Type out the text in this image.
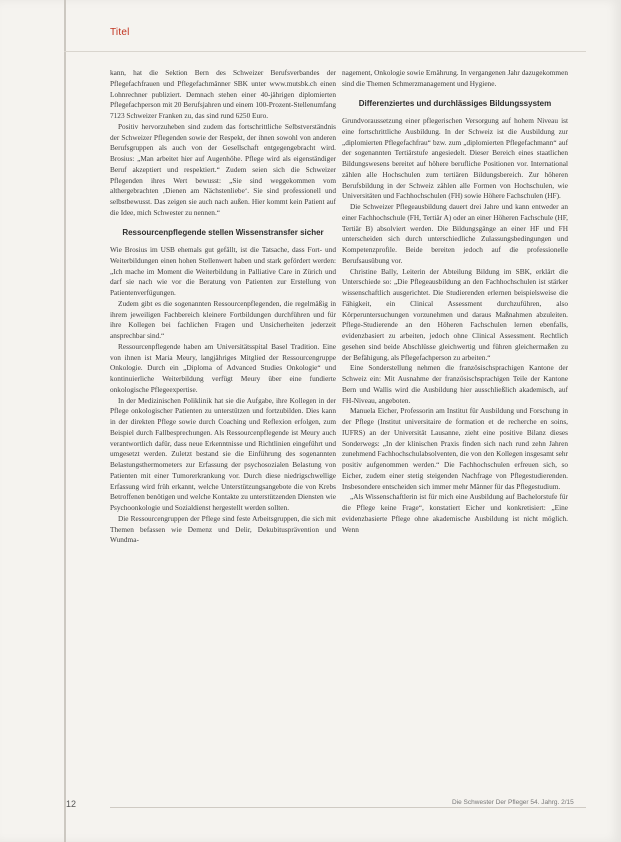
Titel

kann, hat die Sektion Bern des Schweizer Berufsverbandes der Pflegefachfrauen und Pflegefachmänner SBK unter www.mutsbk.ch einen Lohnrechner publiziert. Demnach stehen einer 40-jährigen diplomierten Pflegefachperson mit 20 Berufsjahren und einem 100-Prozent-Stellenumfang 7123 Schweizer Franken zu, das sind rund 6250 Euro.

Positiv hervorzuheben sind zudem das fortschrittliche Selbstverständnis der Schweizer Pflegenden sowie der Respekt, der ihnen sowohl von anderen Berufsgruppen als auch von der Gesellschaft entgegengebracht wird. Brosius: „Man arbeitet hier auf Augenhöhe. Pflege wird als eigenständiger Beruf akzeptiert und respektiert.“ Zudem seien sich die Schweizer Pflegenden ihres Wert bewusst: „Sie sind weggekommen vom althergebrachten ‚Dienen am Nächstenliebe‘. Sie sind professionell und selbstbewusst. Das zeigen sie auch nach außen. Hier kommt kein Patient auf die Idee, mich Schwester zu nennen.“

Ressourcenpflegende stellen Wissenstransfer sicher

Wie Brosius im USB ehemals gut gefällt, ist die Tatsache, dass Fort- und Weiterbildungen einen hohen Stellenwert haben und stark gefördert werden: „Ich mache im Moment die Weiterbildung in Palliative Care in Zürich und darf sie nach wie vor die Beratung von Patienten zur Erstellung von Patientenverfügungen.

Zudem gibt es die sogenannten Ressourcenpflegenden, die regelmäßig in ihrem jeweiligen Fachbereich kleinere Fortbildungen durchführen und für ihre Kollegen bei fachlichen Fragen und Unsicherheiten jederzeit ansprechbar sind.“

Ressourcenpflegende haben am Universitätsspital Basel Tradition. Eine von ihnen ist Maria Meury, langjähriges Mitglied der Ressourcengruppe Onkologie. Durch ein „Diploma of Advanced Studies Onkologie“ und kontinuierliche Weiterbildung verfügt Meury über eine fundierte onkologische Pflegeexpertise.

In der Medizinischen Poliklinik hat sie die Aufgabe, ihre Kollegen in der Pflege onkologischer Patienten zu unterstützen und fortzubilden. Dies kann in der direkten Pflege sowie durch Coaching und Reflexion erfolgen, zum Beispiel durch Fallbesprechungen. Als Ressourcenpflegende ist Meury auch verantwortlich dafür, dass neue Erkenntnisse und Richtlinien eingeführt und umgesetzt werden. Zuletzt bestand sie die Einführung des sogenannten Belastungsthermometers zur Erfassung der psychosozialen Belastung von Patienten mit einer Tumorerkrankung vor. Durch diese niedrigschwellige Erfassung wird früh erkannt, welche Unterstützungsangebote die von Krebs Betroffenen benötigen und welche Kontakte zu unterstützenden Diensten wie Psychoonkologie und Sozialdienst hergestellt werden sollten.

Die Ressourcengruppen der Pflege sind feste Arbeitsgruppen, die sich mit Themen befassen wie Demenz und Delir, Dekubitusprävention und Wundma-

nagement, Onkologie sowie Ernährung. In vergangenen Jahr dazugekommen sind die Themen Schmerzmanagement und Hygiene.

Differenziertes und durchlässiges Bildungssystem

Grundvoraussetzung einer pflegerischen Versorgung auf hohem Niveau ist eine fortschrittliche Ausbildung. In der Schweiz ist die Ausbildung zur „diplomierten Pflegefachfrau“ bzw. zum „diplomierten Pflegefachmann“ auf der sogenannten Tertiärstufe angesiedelt. Dieser Bereich eines staatlichen Bildungswesens bereitet auf höhere berufliche Positionen vor. International zählen alle Hochschulen zum tertiären Bildungsbereich. Zur höheren Berufsbildung in der Schweiz zählen alle Formen von Hochschulen, wie Universitäten und Fachhochschulen (FH) sowie Höhere Fachschulen (HF).

Die Schweizer Pflegeausbildung dauert drei Jahre und kann entweder an einer Fachhochschule (FH, Tertiär A) oder an einer Höheren Fachschule (HF, Tertiär B) absolviert werden. Die Bildungsgänge an einer HF und FH unterscheiden sich durch unterschiedliche Zulassungsbedingungen und Kompetenzprofile. Beide bereiten jedoch auf die professionelle Berufsausübung vor.

Christine Bally, Leiterin der Abteilung Bildung im SBK, erklärt die Unterschiede so: „Die Pflegeausbildung an den Fachhochschulen ist stärker wissenschaftlich ausgerichtet. Die Studierenden erlernen beispielsweise die Fähigkeit, ein Clinical Assessment durchzuführen, also Körperuntersuchungen vorzunehmen und daraus Maßnahmen abzuleiten. Pflege-Studierende an den Höheren Fachschulen lernen ebenfalls, evidenzbasiert zu arbeiten, jedoch ohne Clinical Assessment. Rechtlich gesehen sind beide Abschlüsse gleichwertig und führen gleichermaßen zu der Befähigung, als Pflegefachperson zu arbeiten.“

Eine Sonderstellung nehmen die französischsprachigen Kantone der Schweiz ein: Mit Ausnahme der französischsprachigen Teile der Kantone Bern und Wallis wird die Ausbildung hier ausschließlich akademisch, auf FH-Niveau, angeboten.

Manuela Eicher, Professorin am Institut für Ausbildung und Forschung in der Pflege (Institut universitaire de formation et de recherche en soins, IUFRS) an der Universität Lausanne, zieht eine positive Bilanz dieses Sonderwegs: „In der klinischen Praxis finden sich nach rund zehn Jahren zunehmend Fachhochschulabsolventen, die von den Kollegen insgesamt sehr positiv aufgenommen werden.“ Die Fachhochschulen erfreuen sich, so Eicher, zudem einer stetig steigenden Nachfrage von Pflegestudierenden. Insbesondere entscheiden sich immer mehr Männer für das Pflegestudium.

„Als Wissenschaftlerin ist für mich eine Ausbildung auf Bachelorstufe für die Pflege keine Frage“, konstatiert Eicher und konkretisiert: „Eine evidenzbasierte Pflege ohne akademische Ausbildung ist nicht möglich. Wenn

12	Die Schwester Der Pfleger 54. Jahrg. 2/15
